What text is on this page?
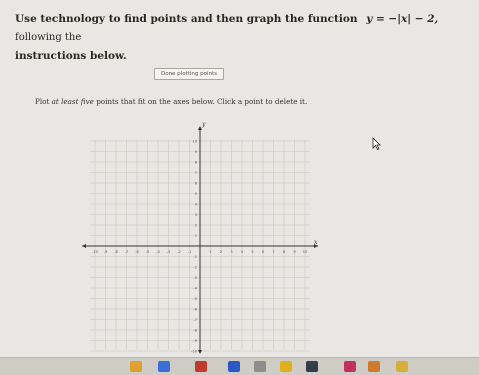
Use technology to find points and then graph the function y = −|x| − 2, following the
instructions below.
Done plotting points
Plot at least five points that fit on the axes below. Click a point to delete it.
-10
-10
-9
-9
-8
-8
-7
-7
-6
-6
-5
-5
-4
-4
-3
-3
-2
-2
-1
-1
1
1
2
2
3
3
4
4
5
5
6
6
7
7
8
8
9
9
10
10
x
y
